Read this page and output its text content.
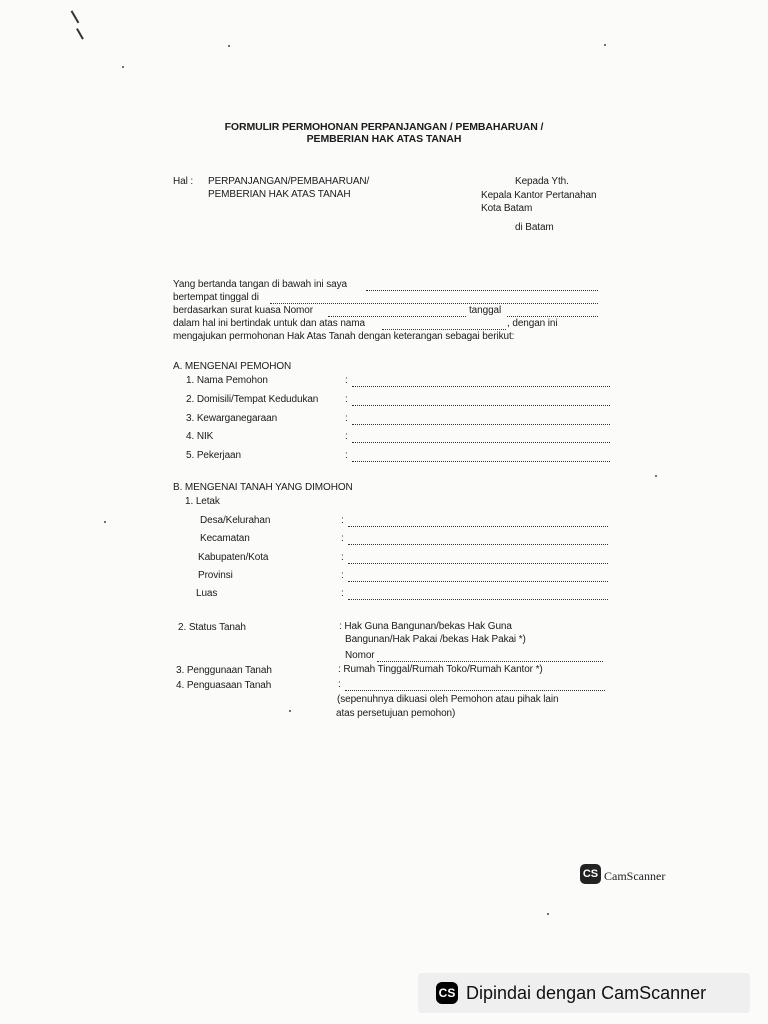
FORMULIR PERMOHONAN PERPANJANGAN / PEMBAHARUAN /
PEMBERIAN HAK ATAS TANAH
Hal : PERPANJANGAN/PEMBAHARUAN/
PEMBERIAN HAK ATAS TANAH
Kepada Yth.
Kepala Kantor Pertanahan
Kota Batam
di Batam
Yang bertanda tangan di bawah ini saya
bertempat tinggal di
berdasarkan surat kuasa Nomor	tanggal
dalam hal ini bertindak untuk dan atas nama	, dengan ini
mengajukan permohonan Hak Atas Tanah dengan keterangan sebagai berikut:
A. MENGENAI PEMOHON
1. Nama Pemohon	:
2. Domisili/Tempat Kedudukan	:
3. Kewarganegaraan	:
4. NIK	:
5. Pekerjaan	:
B. MENGENAI TANAH YANG DIMOHON
1. Letak
Desa/Kelurahan	:
Kecamatan	:
Kabupaten/Kota	:
Provinsi	:
Luas	:
2. Status Tanah	: Hak Guna Bangunan/bekas Hak Guna
Bangunan/Hak Pakai /bekas Hak Pakai *)
Nomor
3. Penggunaan Tanah	: Rumah Tinggal/Rumah Toko/Rumah Kantor *)
4. Penguasaan Tanah	:
(sepenuhnya dikuasi oleh Pemohon atau pihak lain
atas persetujuan pemohon)
CS CamScanner
CS Dipindai dengan CamScanner
